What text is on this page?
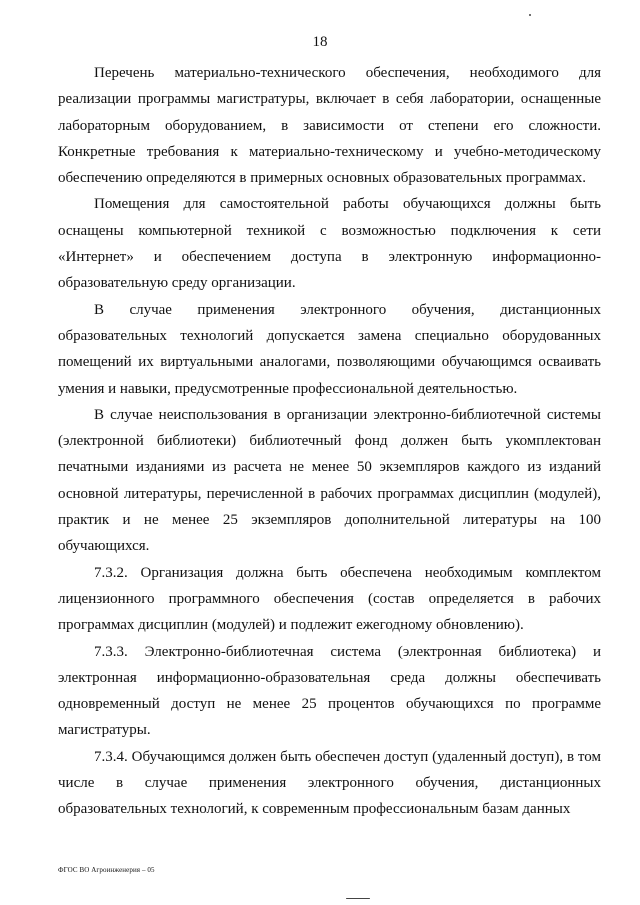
18

Перечень материально-технического обеспечения, необходимого для реализации программы магистратуры, включает в себя лаборатории, оснащенные лабораторным оборудованием, в зависимости от степени его сложности. Конкретные требования к материально-техническому и учебно-методическому обеспечению определяются в примерных основных образовательных программах.

Помещения для самостоятельной работы обучающихся должны быть оснащены компьютерной техникой с возможностью подключения к сети «Интернет» и обеспечением доступа в электронную информационно-образовательную среду организации.

В случае применения электронного обучения, дистанционных образовательных технологий допускается замена специально оборудованных помещений их виртуальными аналогами, позволяющими обучающимся осваивать умения и навыки, предусмотренные профессиональной деятельностью.

В случае неиспользования в организации электронно-библиотечной системы (электронной библиотеки) библиотечный фонд должен быть укомплектован печатными изданиями из расчета не менее 50 экземпляров каждого из изданий основной литературы, перечисленной в рабочих программах дисциплин (модулей), практик и не менее 25 экземпляров дополнительной литературы на 100 обучающихся.

7.3.2. Организация должна быть обеспечена необходимым комплектом лицензионного программного обеспечения (состав определяется в рабочих программах дисциплин (модулей) и подлежит ежегодному обновлению).

7.3.3. Электронно-библиотечная система (электронная библиотека) и электронная информационно-образовательная среда должны обеспечивать одновременный доступ не менее 25 процентов обучающихся по программе магистратуры.

7.3.4. Обучающимся должен быть обеспечен доступ (удаленный доступ), в том числе в случае применения электронного обучения, дистанционных образовательных технологий, к современным профессиональным базам данных

ФГОС ВО Агроинженерия – 05
